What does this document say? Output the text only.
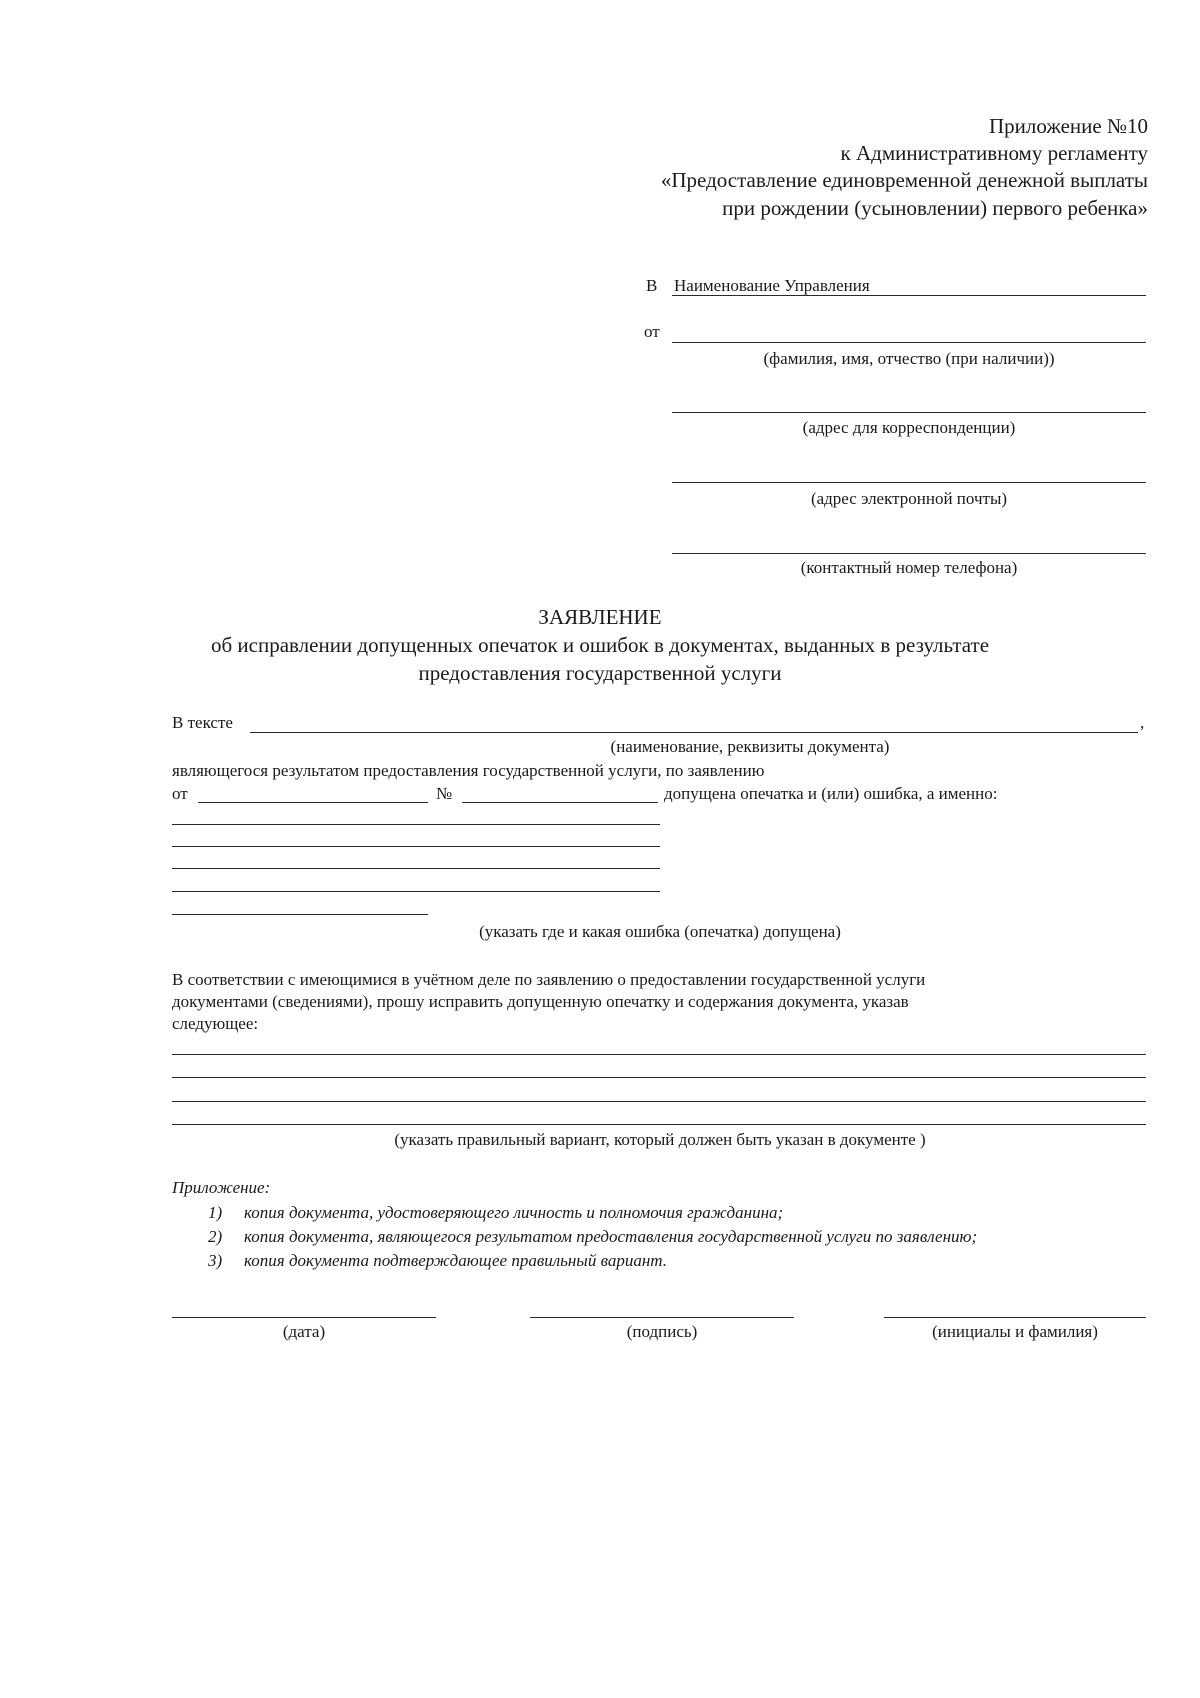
Приложение №10
к Административному регламенту
«Предоставление единовременной денежной выплаты
при рождении (усыновлении) первого ребенка»
В Наименование Управления
от
(фамилия, имя, отчество (при наличии))
(адрес для корреспонденции)
(адрес электронной почты)
(контактный номер телефона)
ЗАЯВЛЕНИЕ
об исправлении допущенных опечаток и ошибок в документах, выданных в результате
предоставления государственной услуги
В тексте	,
(наименование, реквизиты документа)
являющегося результатом предоставления государственной услуги, по заявлению
от	№	допущена опечатка и (или) ошибка, а именно:
(указать где и какая ошибка (опечатка) допущена)
В соответствии с имеющимися в учётном деле по заявлению о предоставлении государственной услуги
документами (сведениями), прошу исправить допущенную опечатку и содержания документа, указав
следующее:
(указать правильный вариант, который должен быть указан в документе )
Приложение:
1) копия документа, удостоверяющего личность и полномочия гражданина;
2) копия документа, являющегося результатом предоставления государственной услуги по заявлению;
3) копия документа подтверждающее правильный вариант.
(дата)	(подпись)	(инициалы и фамилия)
